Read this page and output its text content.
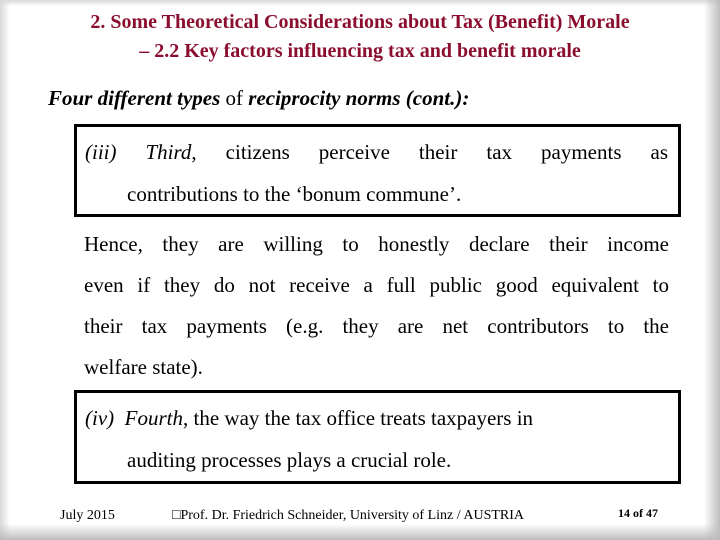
2. Some Theoretical Considerations about Tax (Benefit) Morale
– 2.2 Key factors influencing tax and benefit morale
Four different types of reciprocity norms (cont.):
(iii) Third, citizens perceive their tax payments as
contributions to the ‘bonum commune’.
Hence, they are willing to honestly declare their income
even if they do not receive a full public good equivalent to
their tax payments (e.g. they are net contributors to the
welfare state).
(iv) Fourth, the way the tax office treats taxpayers in
auditing processes plays a crucial role.
July 2015	□Prof. Dr. Friedrich Schneider, University of Linz / AUSTRIA	14 of 47
